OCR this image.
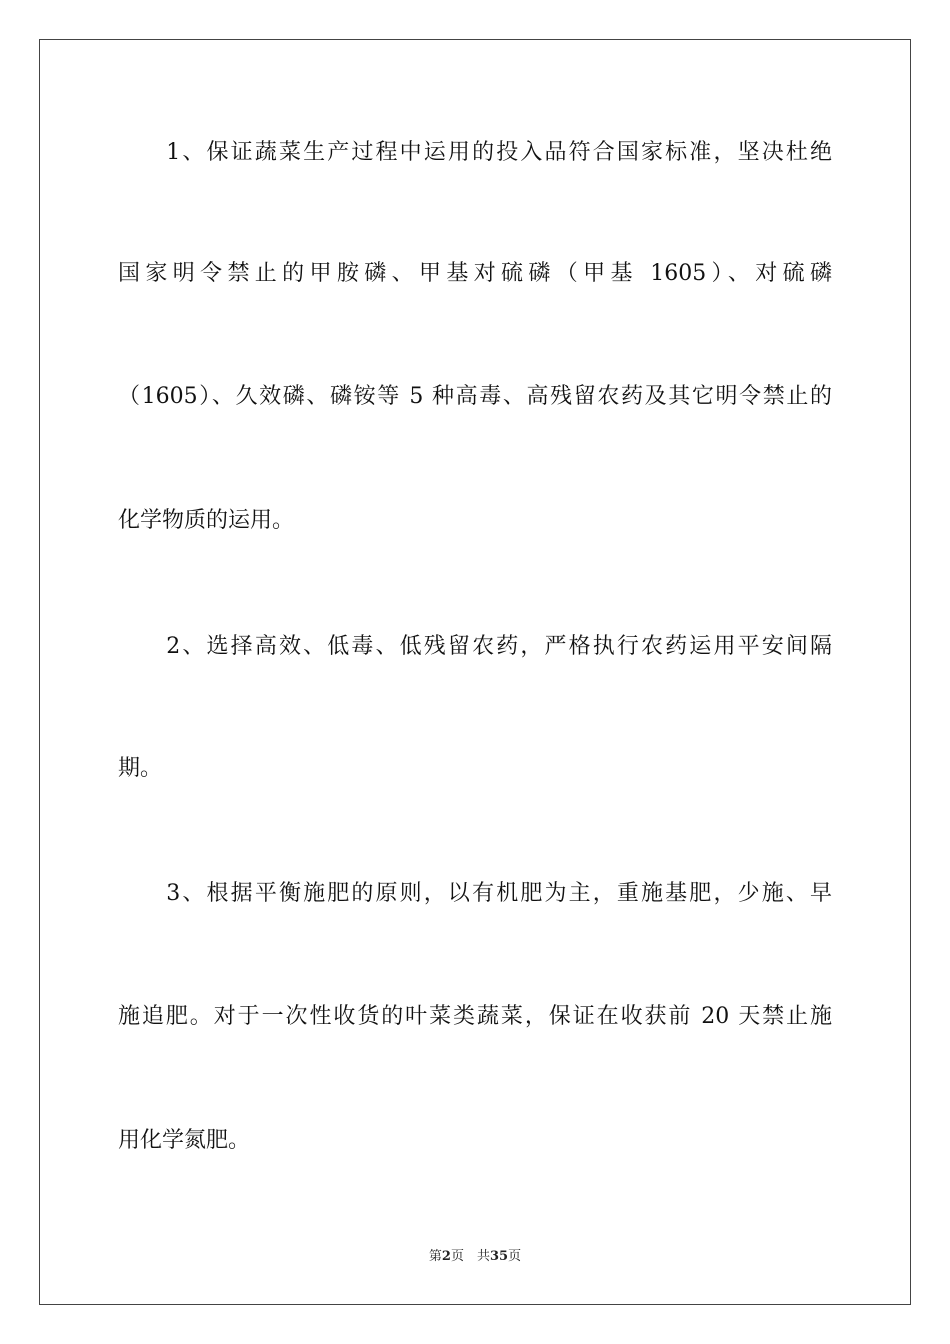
　　1、保证蔬菜生产过程中运用的投入品符合国家标准，坚决杜绝
国家明令禁止的甲胺磷、甲基对硫磷（甲基 1605）、对硫磷
（1605）、久效磷、磷铵等 5 种高毒、高残留农药及其它明令禁止的
化学物质的运用。
　　2、选择高效、低毒、低残留农药，严格执行农药运用平安间隔
期。
　　3、根据平衡施肥的原则，以有机肥为主，重施基肥，少施、早
施追肥。对于一次性收货的叶菜类蔬菜，保证在收获前 20 天禁止施
用化学氮肥。
第2页　共35页
